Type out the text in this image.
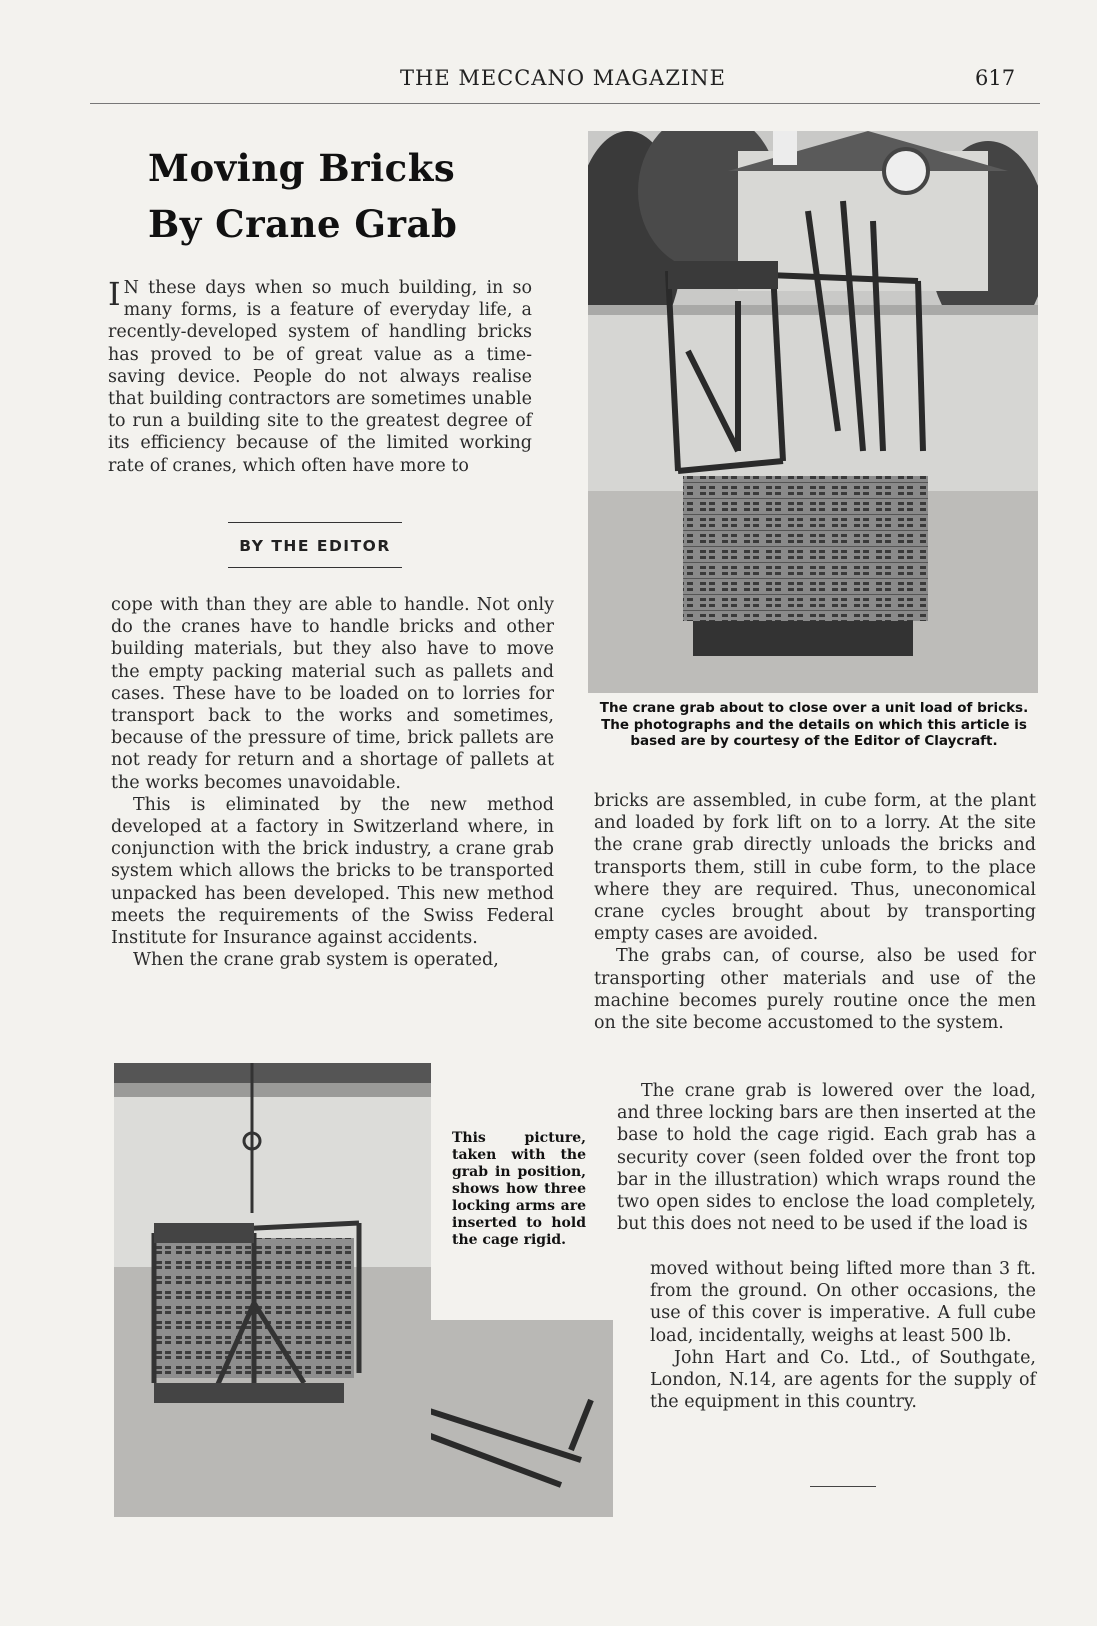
THE MECCANO MAGAZINE	617
Moving Bricks
By Crane Grab

IN these days when so much building, in so many forms, is a feature of everyday life, a recently-developed system of handling bricks has proved to be of great value as a time-saving device. People do not always realise that building contractors are sometimes unable to run a building site to the greatest degree of its efficiency because of the limited working rate of cranes, which often have more to

BY THE EDITOR

cope with than they are able to handle. Not only do the cranes have to handle bricks and other building materials, but they also have to move the empty packing material such as pallets and cases. These have to be loaded on to lorries for transport back to the works and sometimes, because of the pressure of time, brick pallets are not ready for return and a shortage of pallets at the works becomes unavoidable.

This is eliminated by the new method developed at a factory in Switzerland where, in conjunction with the brick industry, a crane grab system which allows the bricks to be transported unpacked has been developed. This new method meets the requirements of the Swiss Federal Institute for Insurance against accidents.

When the crane grab system is operated,

The crane grab about to close over a unit load of bricks. The photographs and the details on which this article is based are by courtesy of the Editor of Claycraft.

bricks are assembled, in cube form, at the plant and loaded by fork lift on to a lorry. At the site the crane grab directly unloads the bricks and transports them, still in cube form, to the place where they are required. Thus, uneconomical crane cycles brought about by transporting empty cases are avoided.

The grabs can, of course, also be used for transporting other materials and use of the machine becomes purely routine once the men on the site become accustomed to the system.

The crane grab is lowered over the load, and three locking bars are then inserted at the base to hold the cage rigid. Each grab has a security cover (seen folded over the front top bar in the illustration) which wraps round the two open sides to enclose the load completely, but this does not need to be used if the load is

moved without being lifted more than 3 ft. from the ground. On other occasions, the use of this cover is imperative. A full cube load, incidentally, weighs at least 500 lb.

John Hart and Co. Ltd., of Southgate, London, N.14, are agents for the supply of the equipment in this country.

This picture, taken with the grab in position, shows how three locking arms are inserted to hold the cage rigid.
